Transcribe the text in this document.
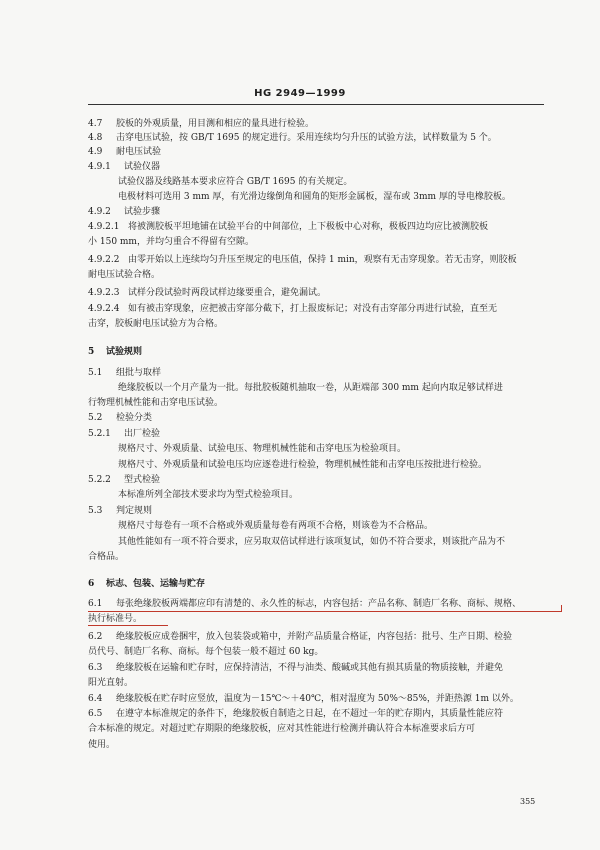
HG 2949—1999
4.7 胶板的外观质量，用目测和相应的量具进行检验。
4.8 击穿电压试验，按 GB/T 1695 的规定进行。采用连续均匀升压的试验方法，试样数量为 5 个。
4.9 耐电压试验
4.9.1 试验仪器
试验仪器及线路基本要求应符合 GB/T 1695 的有关规定。
电极材料可选用 3 mm 厚，有光滑边缘倒角和圆角的矩形金属板，湿布或 3mm 厚的导电橡胶板。
4.9.2 试验步骤
4.9.2.1 将被测胶板平坦地铺在试验平台的中间部位，上下极板中心对称，极板四边均应比被测胶板
小 150 mm，并均匀重合不得留有空隙。
4.9.2.2 由零开始以上连续均匀升压至规定的电压值，保持 1 min，观察有无击穿现象。若无击穿，则胶板
耐电压试验合格。
4.9.2.3 试样分段试验时两段试样边缘要重合，避免漏试。
4.9.2.4 如有被击穿现象，应把被击穿部分截下，打上报废标记；对没有击穿部分再进行试验，直至无
击穿，胶板耐电压试验方为合格。
5 试验规则
5.1 组批与取样
绝缘胶板以一个月产量为一批。每批胶板随机抽取一卷，从距端部 300 mm 起向内取足够试样进
行物理机械性能和击穿电压试验。
5.2 检验分类
5.2.1 出厂检验
规格尺寸、外观质量、试验电压、物理机械性能和击穿电压为检验项目。
规格尺寸、外观质量和试验电压均应逐卷进行检验，物理机械性能和击穿电压按批进行检验。
5.2.2 型式检验
本标准所列全部技术要求均为型式检验项目。
5.3 判定规则
规格尺寸每卷有一项不合格或外观质量每卷有两项不合格，则该卷为不合格品。
其他性能如有一项不符合要求，应另取双倍试样进行该项复试，如仍不符合要求，则该批产品为不
合格品。
6 标志、包装、运输与贮存
6.1 每张绝缘胶板两端都应印有清楚的、永久性的标志，内容包括：产品名称、制造厂名称、商标、规格、
执行标准号。
6.2 绝缘胶板应成卷捆牢，放入包装袋或箱中，并附产品质量合格证，内容包括：批号、生产日期、检验
员代号、制造厂名称、商标。每个包装一般不超过 60 kg。
6.3 绝缘胶板在运输和贮存时，应保持清洁，不得与油类、酸碱或其他有损其质量的物质接触，并避免
阳光直射。
6.4 绝缘胶板在贮存时应竖放，温度为－15℃～＋40℃，相对湿度为 50%～85%，并距热源 1m 以外。
6.5 在遵守本标准规定的条件下，绝缘胶板自制造之日起，在不超过一年的贮存期内，其质量性能应符
合本标准的规定。对超过贮存期限的绝缘胶板，应对其性能进行检测并确认符合本标准要求后方可
使用。
355
